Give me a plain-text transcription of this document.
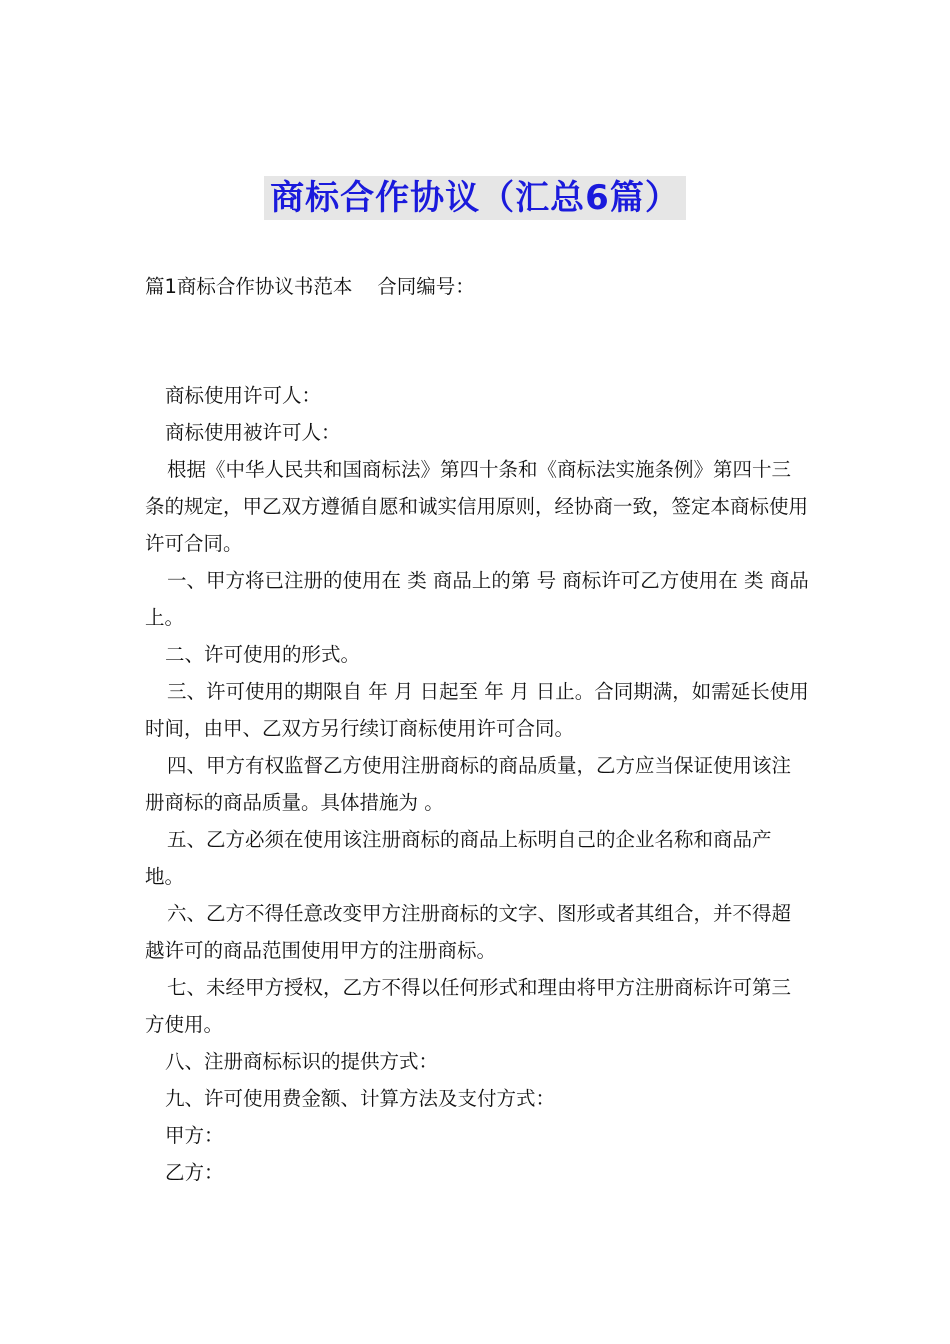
商标合作协议（汇总6篇）
篇1商标合作协议书范本    合同编号：

商标使用许可人：

商标使用被许可人：

根据《中华人民共和国商标法》第四十条和《商标法实施条例》第四十三条的规定，甲乙双方遵循自愿和诚实信用原则，经协商一致，签定本商标使用许可合同。

一、甲方将已注册的使用在 类 商品上的第 号 商标许可乙方使用在 类 商品上。

二、许可使用的形式。

三、许可使用的期限自 年 月 日起至 年 月 日止。合同期满，如需延长使用时间，由甲、乙双方另行续订商标使用许可合同。

四、甲方有权监督乙方使用注册商标的商品质量，乙方应当保证使用该注册商标的商品质量。具体措施为 。

五、乙方必须在使用该注册商标的商品上标明自己的企业名称和商品产地。

六、乙方不得任意改变甲方注册商标的文字、图形或者其组合，并不得超越许可的商品范围使用甲方的注册商标。

七、未经甲方授权，乙方不得以任何形式和理由将甲方注册商标许可第三方使用。

八、注册商标标识的提供方式：

九、许可使用费金额、计算方法及支付方式：

甲方：

乙方：
